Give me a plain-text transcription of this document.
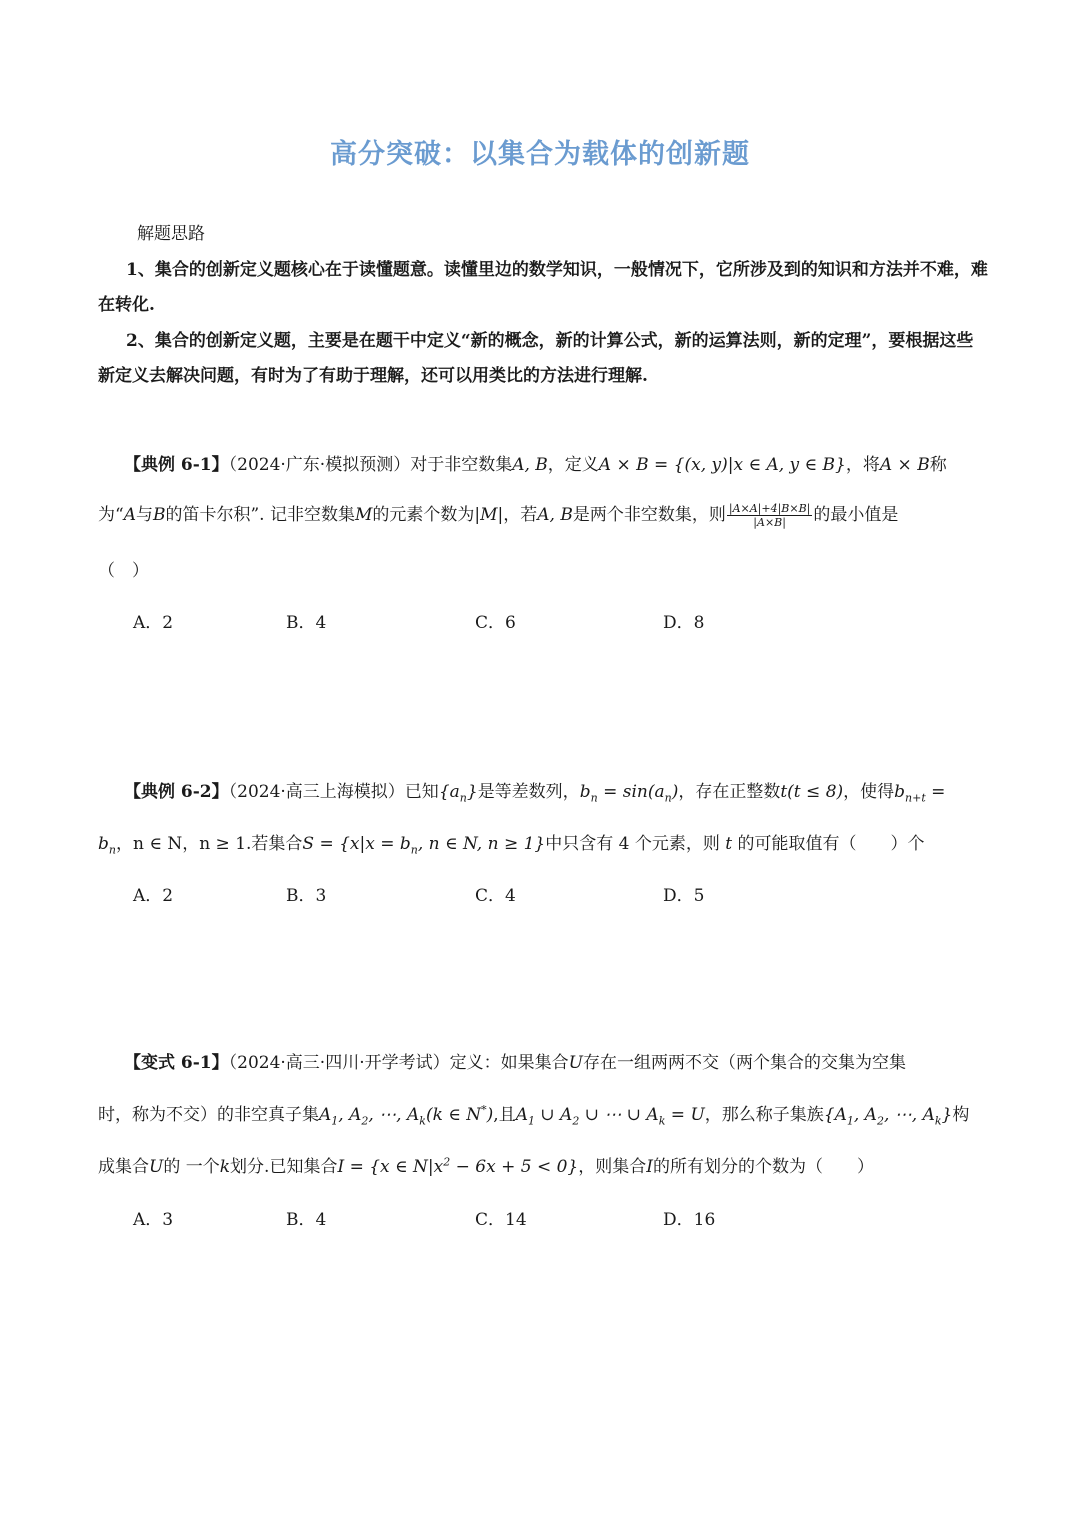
高分突破：以集合为载体的创新题
解题思路
1、集合的创新定义题核心在于读懂题意。读懂里边的数学知识，一般情况下，它所涉及到的知识和方法并不难，难在转化.
2、集合的创新定义题，主要是在题干中定义“新的概念，新的计算公式，新的运算法则，新的定理”，要根据这些新定义去解决问题，有时为了有助于理解，还可以用类比的方法进行理解.
【典例 6-1】（2024·广东·模拟预测）对于非空数集A, B，定义A × B = {(x, y)|x ∈ A, y ∈ B}，将A × B称
为“A与B的笛卡尔积”. 记非空数集M的元素个数为|M|，若A, B是两个非空数集，则 $\frac{|A\times A|+4|B\times B|}{|A\times B|}$ 的最小值是
（　）
A．2	B．4	C．6	D．8
【典例 6-2】（2024·高三上海模拟）已知$\{a_n\}$是等差数列，$b_n = \sin(a_n)$，存在正整数t(t ≤ 8)，使得$b_{n+t}$ =
$b_n$，n ∈ N，n ≥ 1.若集合$S = \{x|x = b_n$, n ∈ N, n ≥ 1}中只含有 4 个元素，则 t 的可能取值有（　　）个
A．2	B．3	C．4	D．5
【变式 6-1】（2024·高三·四川·开学考试）定义：如果集合U存在一组两两不交（两个集合的交集为空集
时，称为不交）的非空真子集$A_1$, $A_2$, ⋯, $A_k(k$ ∈ N*),且$A_1$ ∪ $A_2$ ∪ ⋯ ∪ $A_k = U$，那么称子集族{$A_1$, $A_2$, ⋯, $A_k$}构
成集合U的 一个k划分.已知集合I = {x ∈ $N|x^2 - 6x + 5 < 0$}，则集合I的所有划分的个数为（　　）
A．3	B．4	C．14	D．16
